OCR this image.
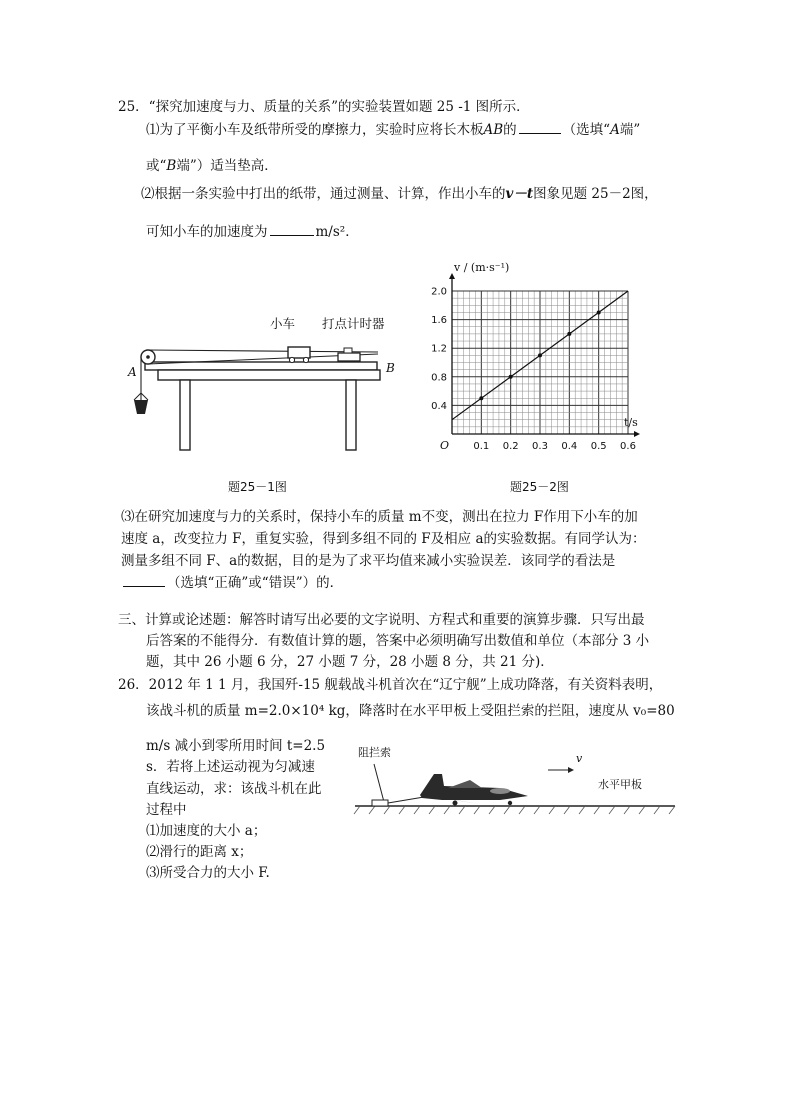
25．“探究加速度与力、质量的关系”的实验装置如题 25 -1 图所示．
⑴为了平衡小车及纸带所受的摩擦力，实验时应将长木板AB的	（选填“A端”
或“B端”）适当垫高．
⑵根据一条实验中打出的纸带，通过测量、计算，作出小车的v－t图象见题 25－2图，
可知小车的加速度为	m/s²．
小车 打点计时器
A	B
题25－1图
0.1 0.2 0.3 0.4 0.5 0.6
0.4
0.8
1.2
1.6
2.0
v / (m·s⁻¹)
t/s
O
题25－2图
⑶在研究加速度与力的关系时，保持小车的质量 m不变，测出在拉力 F作用下小车的加
速度 a，改变拉力 F，重复实验，得到多组不同的 F及相应 a的实验数据。有同学认为：
测量多组不同 F、a的数据，目的是为了求平均值来减小实验误差．该同学的看法是
（选填“正确”或“错误”）的．
三、计算或论述题：解答时请写出必要的文字说明、方程式和重要的演算步骤．只写出最
后答案的不能得分．有数值计算的题，答案中必须明确写出数值和单位（本部分 3 小
题，其中 26 小题 6 分，27 小题 7 分，28 小题 8 分，共 21 分)．
26．2012 年 1 1 月，我国歼-15 舰载战斗机首次在“辽宁舰”上成功降落，有关资料表明，
该战斗机的质量 m=2.0×10⁴ kg，降落时在水平甲板上受阻拦索的拦阻，速度从 v₀=80
m/s 减小到零所用时间 t=2.5
s．若将上述运动视为匀减速
直线运动，求：该战斗机在此
过程中
⑴加速度的大小 a；
⑵滑行的距离 x；
⑶所受合力的大小 F.
阻拦索	v
水平甲板
